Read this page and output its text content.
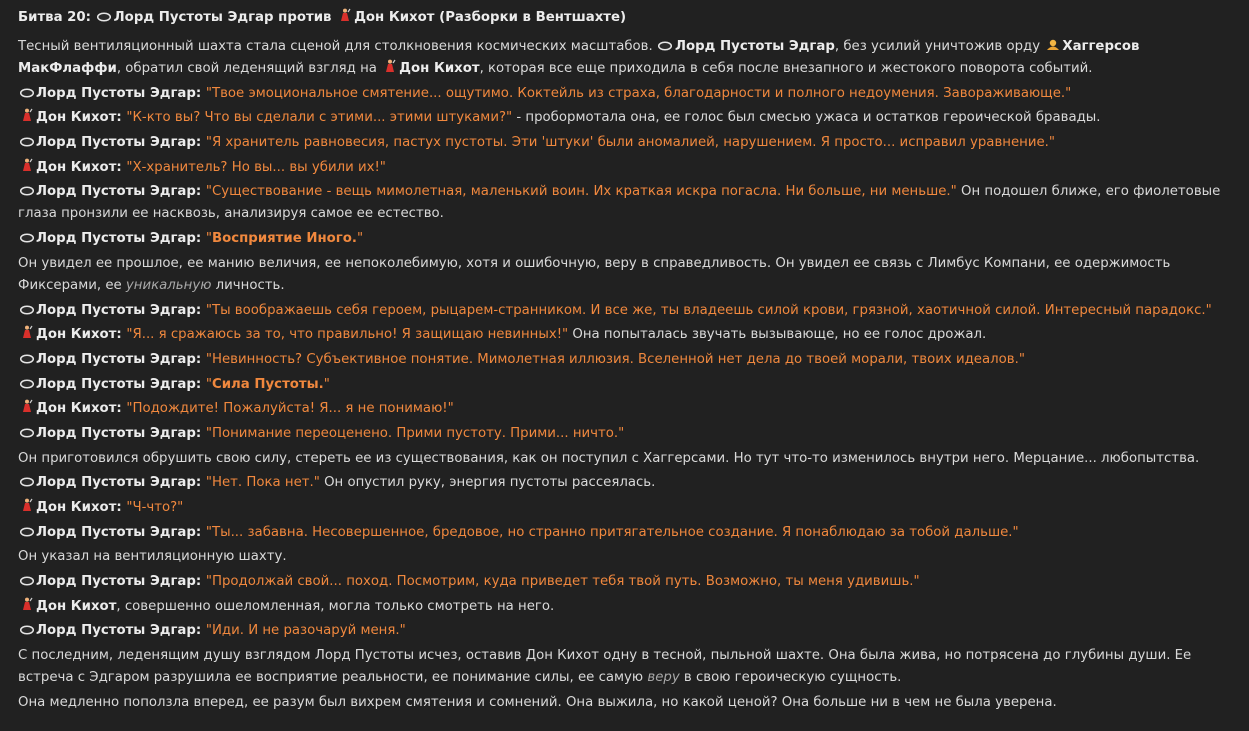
Битва 20: Лорд Пустоты Эдгар против Дон Кихот (Разборки в Вентшахте)
Тесный вентиляционный шахта стала сценой для столкновения космических масштабов. Лорд Пустоты Эдгар, без усилий уничтожив орду Хаггерсов МакФлаффи, обратил свой леденящий взгляд на Дон Кихот, которая все еще приходила в себя после внезапного и жестокого поворота событий.
Лорд Пустоты Эдгар: "Твое эмоциональное смятение... ощутимо. Коктейль из страха, благодарности и полного недоумения. Завораживающе."
Дон Кихот: "К-кто вы? Что вы сделали с этими... этими штуками?" - пробормотала она, ее голос был смесью ужаса и остатков героической бравады.
Лорд Пустоты Эдгар: "Я хранитель равновесия, пастух пустоты. Эти 'штуки' были аномалией, нарушением. Я просто... исправил уравнение."
Дон Кихот: "Х-хранитель? Но вы... вы убили их!"
Лорд Пустоты Эдгар: "Существование - вещь мимолетная, маленький воин. Их краткая искра погасла. Ни больше, ни меньше." Он подошел ближе, его фиолетовые глаза пронзили ее насквозь, анализируя самое ее естество.
Лорд Пустоты Эдгар: "Восприятие Иного."
Он увидел ее прошлое, ее манию величия, ее непоколебимую, хотя и ошибочную, веру в справедливость. Он увидел ее связь с Лимбус Компани, ее одержимость Фиксерами, ее уникальную личность.
Лорд Пустоты Эдгар: "Ты воображаешь себя героем, рыцарем-странником. И все же, ты владеешь силой крови, грязной, хаотичной силой. Интересный парадокс."
Дон Кихот: "Я... я сражаюсь за то, что правильно! Я защищаю невинных!" Она попыталась звучать вызывающе, но ее голос дрожал.
Лорд Пустоты Эдгар: "Невинность? Субъективное понятие. Мимолетная иллюзия. Вселенной нет дела до твоей морали, твоих идеалов."
Лорд Пустоты Эдгар: "Сила Пустоты."
Дон Кихот: "Подождите! Пожалуйста! Я... я не понимаю!"
Лорд Пустоты Эдгар: "Понимание переоценено. Прими пустоту. Прими... ничто."
Он приготовился обрушить свою силу, стереть ее из существования, как он поступил с Хаггерсами. Но тут что-то изменилось внутри него. Мерцание... любопытства.
Лорд Пустоты Эдгар: "Нет. Пока нет." Он опустил руку, энергия пустоты рассеялась.
Дон Кихот: "Ч-что?"
Лорд Пустоты Эдгар: "Ты... забавна. Несовершенное, бредовое, но странно притягательное создание. Я понаблюдаю за тобой дальше."
Он указал на вентиляционную шахту.
Лорд Пустоты Эдгар: "Продолжай свой... поход. Посмотрим, куда приведет тебя твой путь. Возможно, ты меня удивишь."
Дон Кихот, совершенно ошеломленная, могла только смотреть на него.
Лорд Пустоты Эдгар: "Иди. И не разочаруй меня."
С последним, леденящим душу взглядом Лорд Пустоты исчез, оставив Дон Кихот одну в тесной, пыльной шахте. Она была жива, но потрясена до глубины души. Ее встреча с Эдгаром разрушила ее восприятие реальности, ее понимание силы, ее самую веру в свою героическую сущность.
Она медленно поползла вперед, ее разум был вихрем смятения и сомнений. Она выжила, но какой ценой? Она больше ни в чем не была уверена.
